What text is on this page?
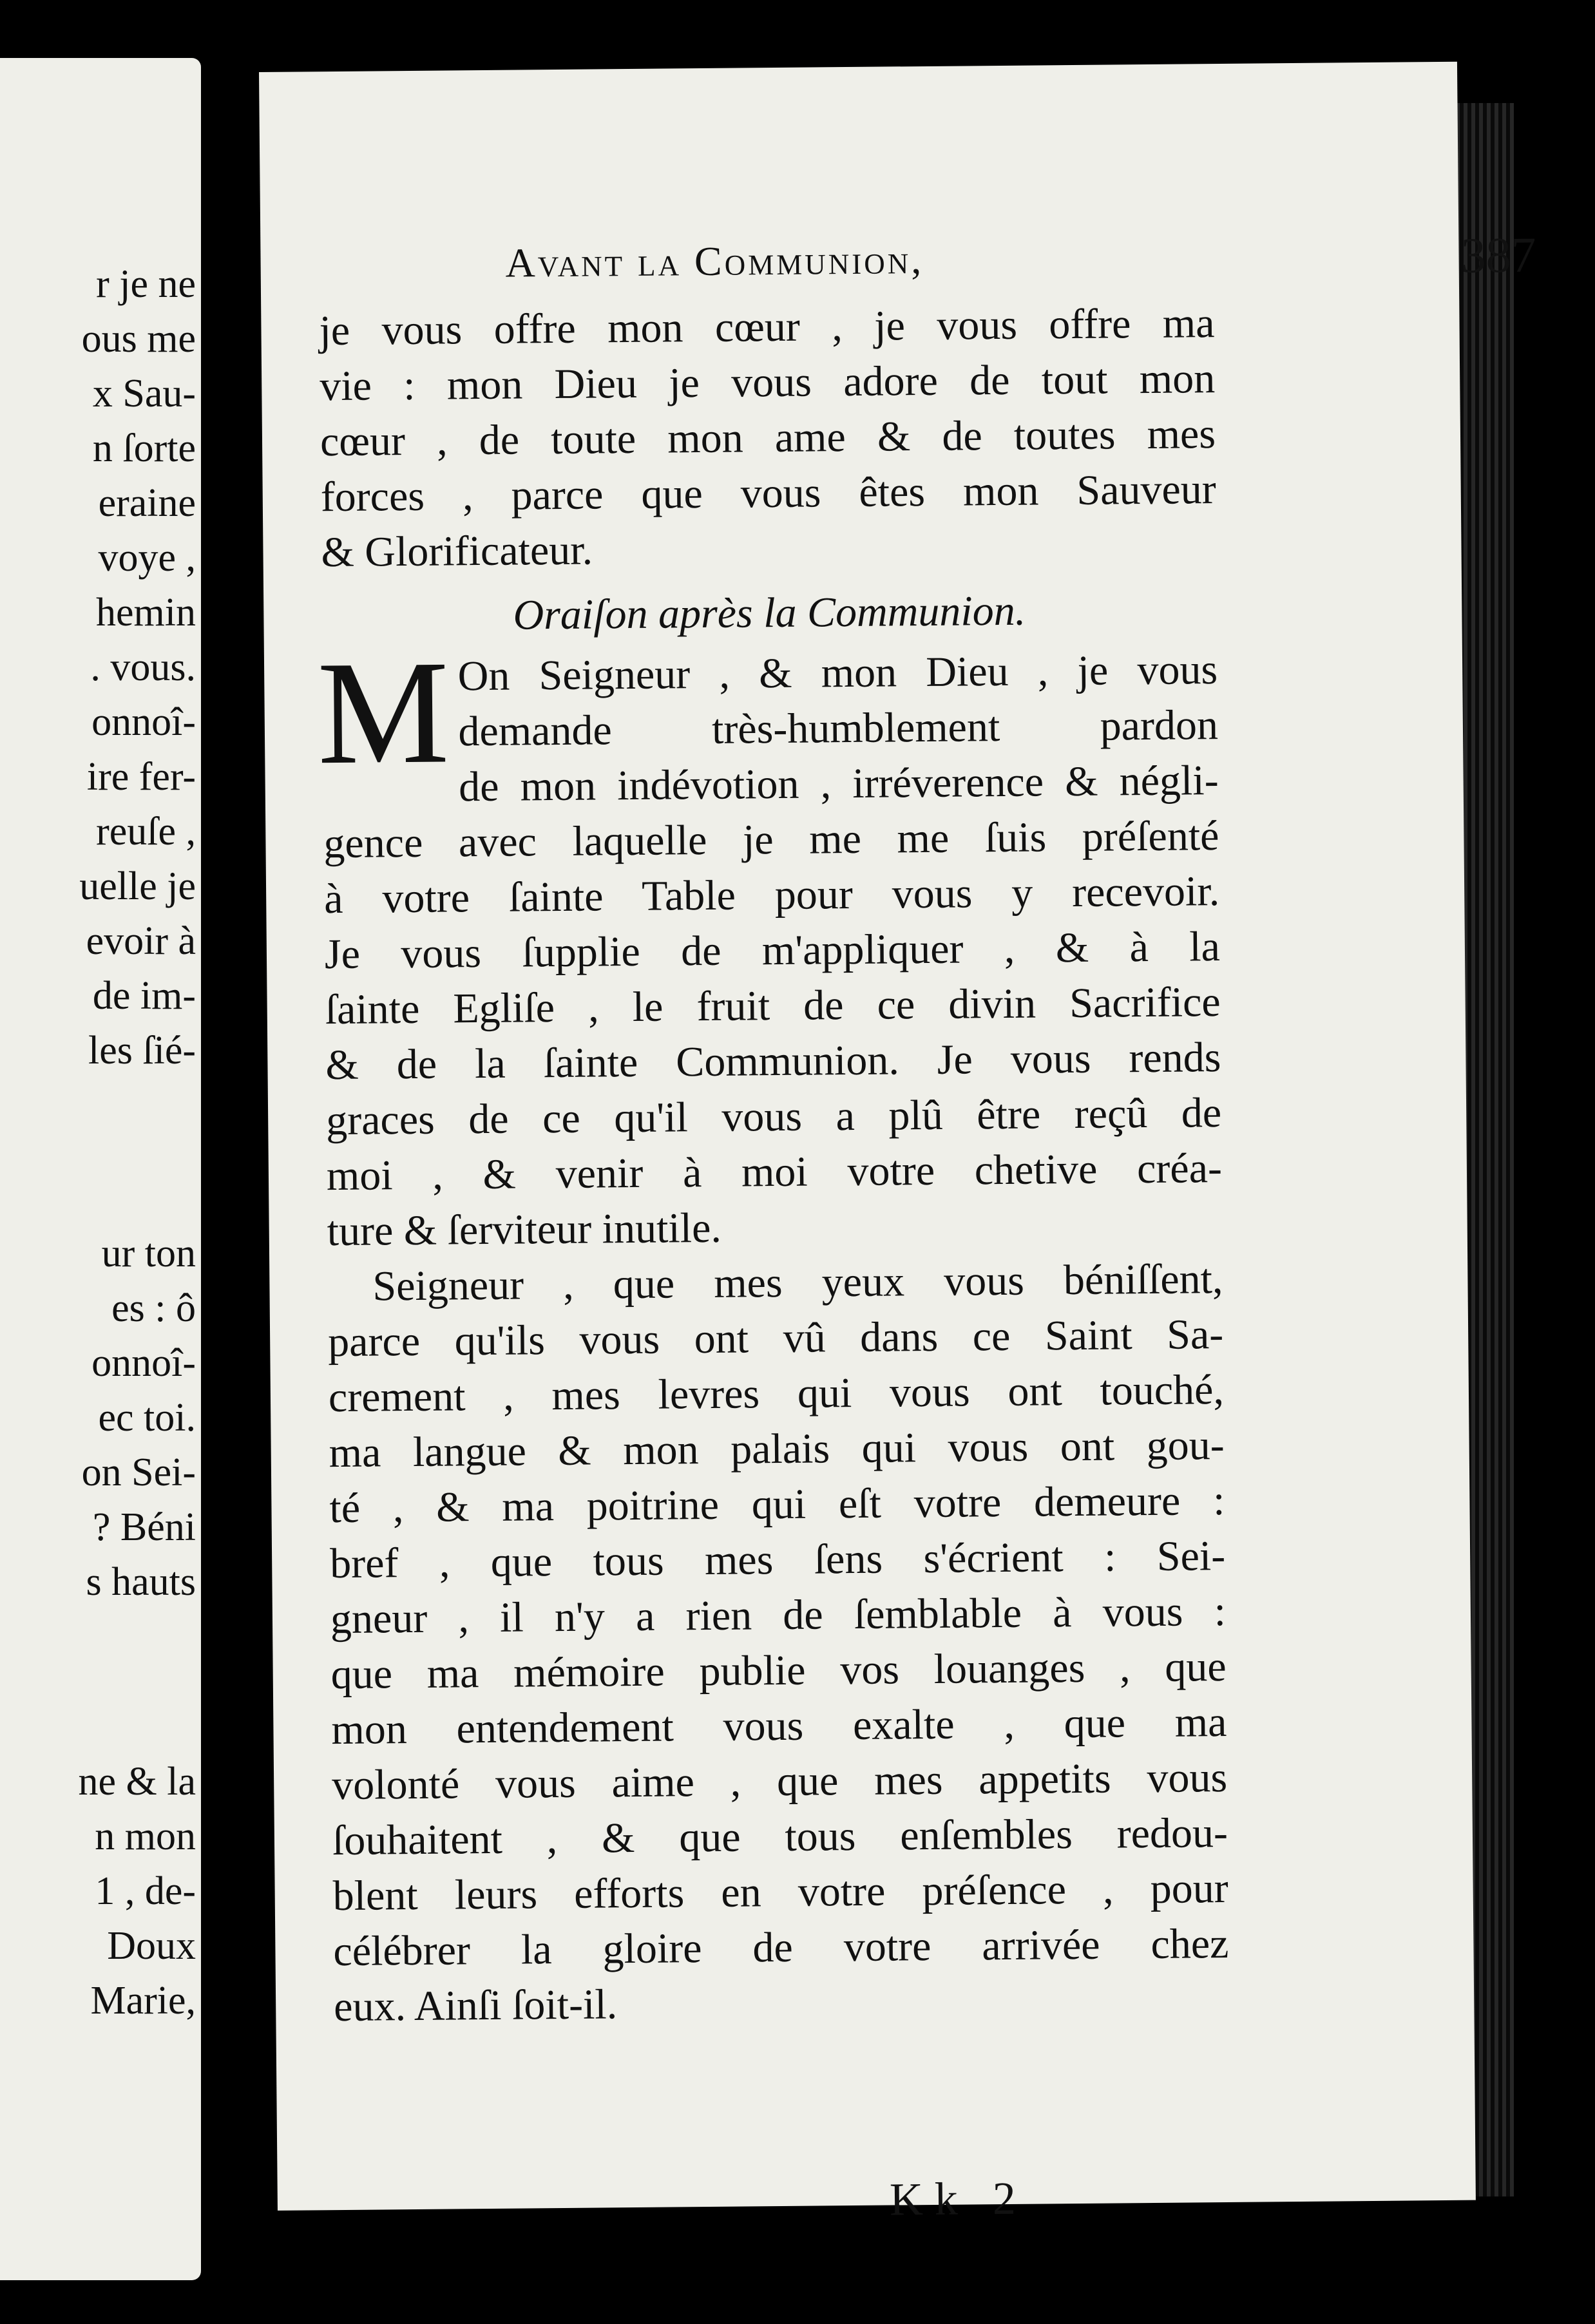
r je ne
ous me
x Sau-
n ſorte
eraine
voye ,
hemin
. vous.
onnoî-
ire fer-
reuſe ,
uelle je
evoir à
de im-
les ſié-
ur ton
es : ô
onnoî-
ec toi.
on Sei-
? Béni
s hauts
ne & la
n mon
1 , de-
Doux
Marie,
Avant la Communion,	387
je vous offre mon cœur , je vous offre ma
vie : mon Dieu je vous adore de tout mon
cœur , de toute mon ame & de toutes mes
forces , parce que vous êtes mon Sauveur
& Glorificateur.
Oraiſon après la Communion.
M On Seigneur , & mon Dieu , je vous
demande très-humblement pardon
de mon indévotion , irréverence & négli-
gence avec laquelle je me me ſuis préſenté
à votre ſainte Table pour vous y recevoir.
Je vous ſupplie de m'appliquer , & à la
ſainte Egliſe , le fruit de ce divin Sacrifice
& de la ſainte Communion. Je vous rends
graces de ce qu'il vous a plû être reçû de
moi , & venir à moi votre chetive créa-
ture & ſerviteur inutile.
Seigneur , que mes yeux vous béniſſent,
parce qu'ils vous ont vû dans ce Saint Sa-
crement , mes levres qui vous ont touché,
ma langue & mon palais qui vous ont gou-
té , & ma poitrine qui eſt votre demeure :
bref , que tous mes ſens s'écrient : Sei-
gneur , il n'y a rien de ſemblable à vous :
que ma mémoire publie vos louanges , que
mon entendement vous exalte , que ma
volonté vous aime , que mes appetits vous
ſouhaitent , & que tous enſembles redou-
blent leurs efforts en votre préſence , pour
célébrer la gloire de votre arrivée chez
eux. Ainſi ſoit-il.
Kk 2
